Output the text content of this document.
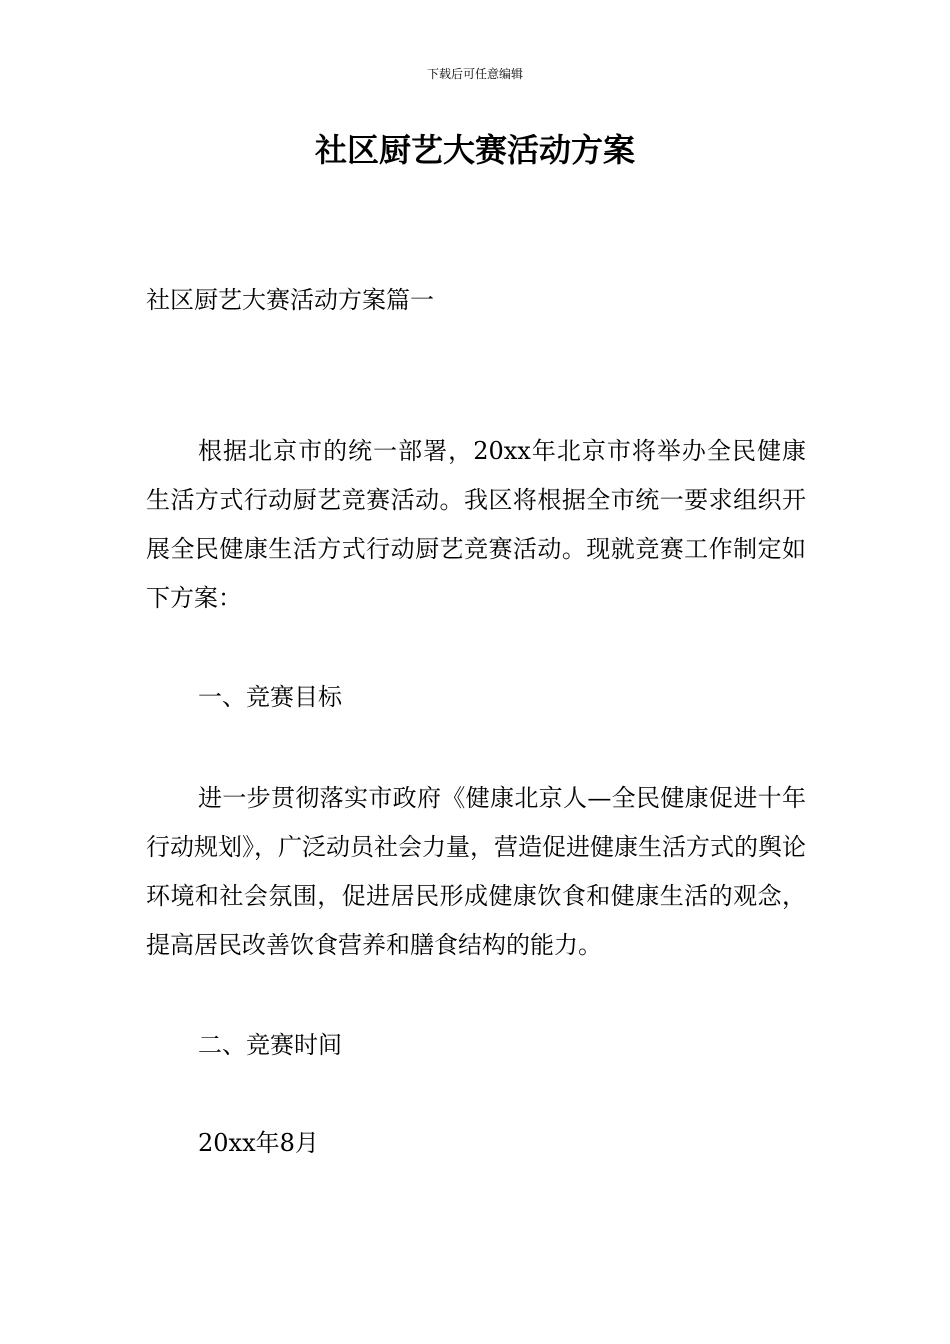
下载后可任意编辑
社区厨艺大赛活动方案
社区厨艺大赛活动方案篇一

根据北京市的统一部署，20xx年北京市将举办全民健康生活方式行动厨艺竞赛活动。我区将根据全市统一要求组织开展全民健康生活方式行动厨艺竞赛活动。现就竞赛工作制定如下方案：

一、竞赛目标

进一步贯彻落实市政府《健康北京人—全民健康促进十年行动规划》，广泛动员社会力量，营造促进健康生活方式的舆论环境和社会氛围，促进居民形成健康饮食和健康生活的观念，提高居民改善饮食营养和膳食结构的能力。

二、竞赛时间
20xx年8月
